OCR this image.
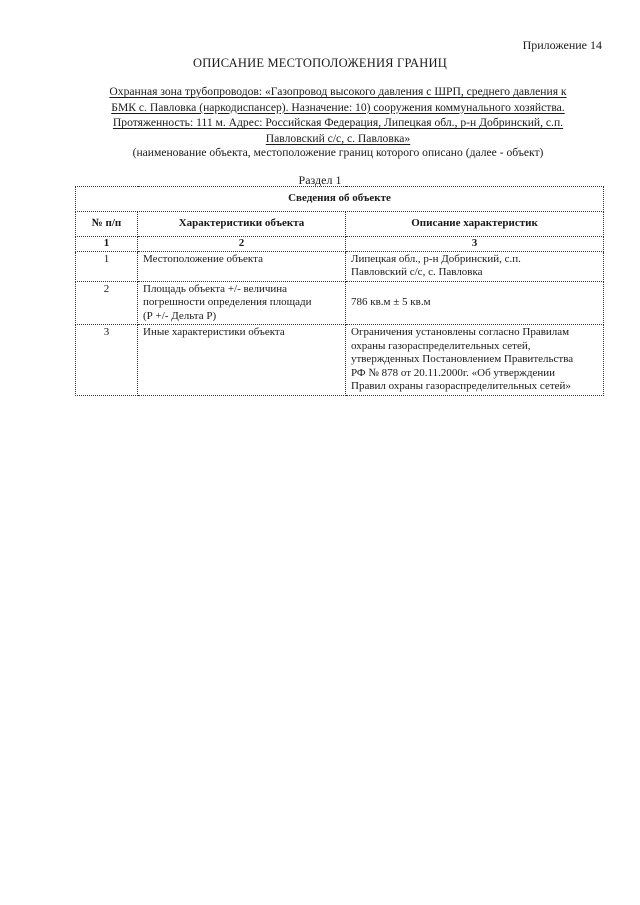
Приложение 14
ОПИСАНИЕ МЕСТОПОЛОЖЕНИЯ ГРАНИЦ
Охранная зона трубопроводов: «Газопровод высокого давления с ШРП, среднего давления к
БМК с. Павловка (наркодиспансер). Назначение: 10) сооружения коммунального хозяйства.
Протяженность: 111 м. Адрес: Российская Федерация, Липецкая обл., р-н Добринский, с.п.
Павловский с/с, с. Павловка»
(наименование объекта, местоположение границ которого описано (далее - объект)
Раздел 1
Сведения об объекте		
№ п/п	Характеристики объекта	Описание характеристик
1	2	3
1	Местоположение объекта	Липецкая обл., р-н Добринский, с.п.
Павловский с/с, с. Павловка
2	Площадь объекта +/- величина
погрешности определения площади
(Р +/- Дельта Р)	786 кв.м ± 5 кв.м
3	Иные характеристики объекта	Ограничения установлены согласно Правилам
охраны газораспределительных сетей,
утвержденных Постановлением Правительства
РФ № 878 от 20.11.2000г. «Об утверждении
Правил охраны газораспределительных сетей»
